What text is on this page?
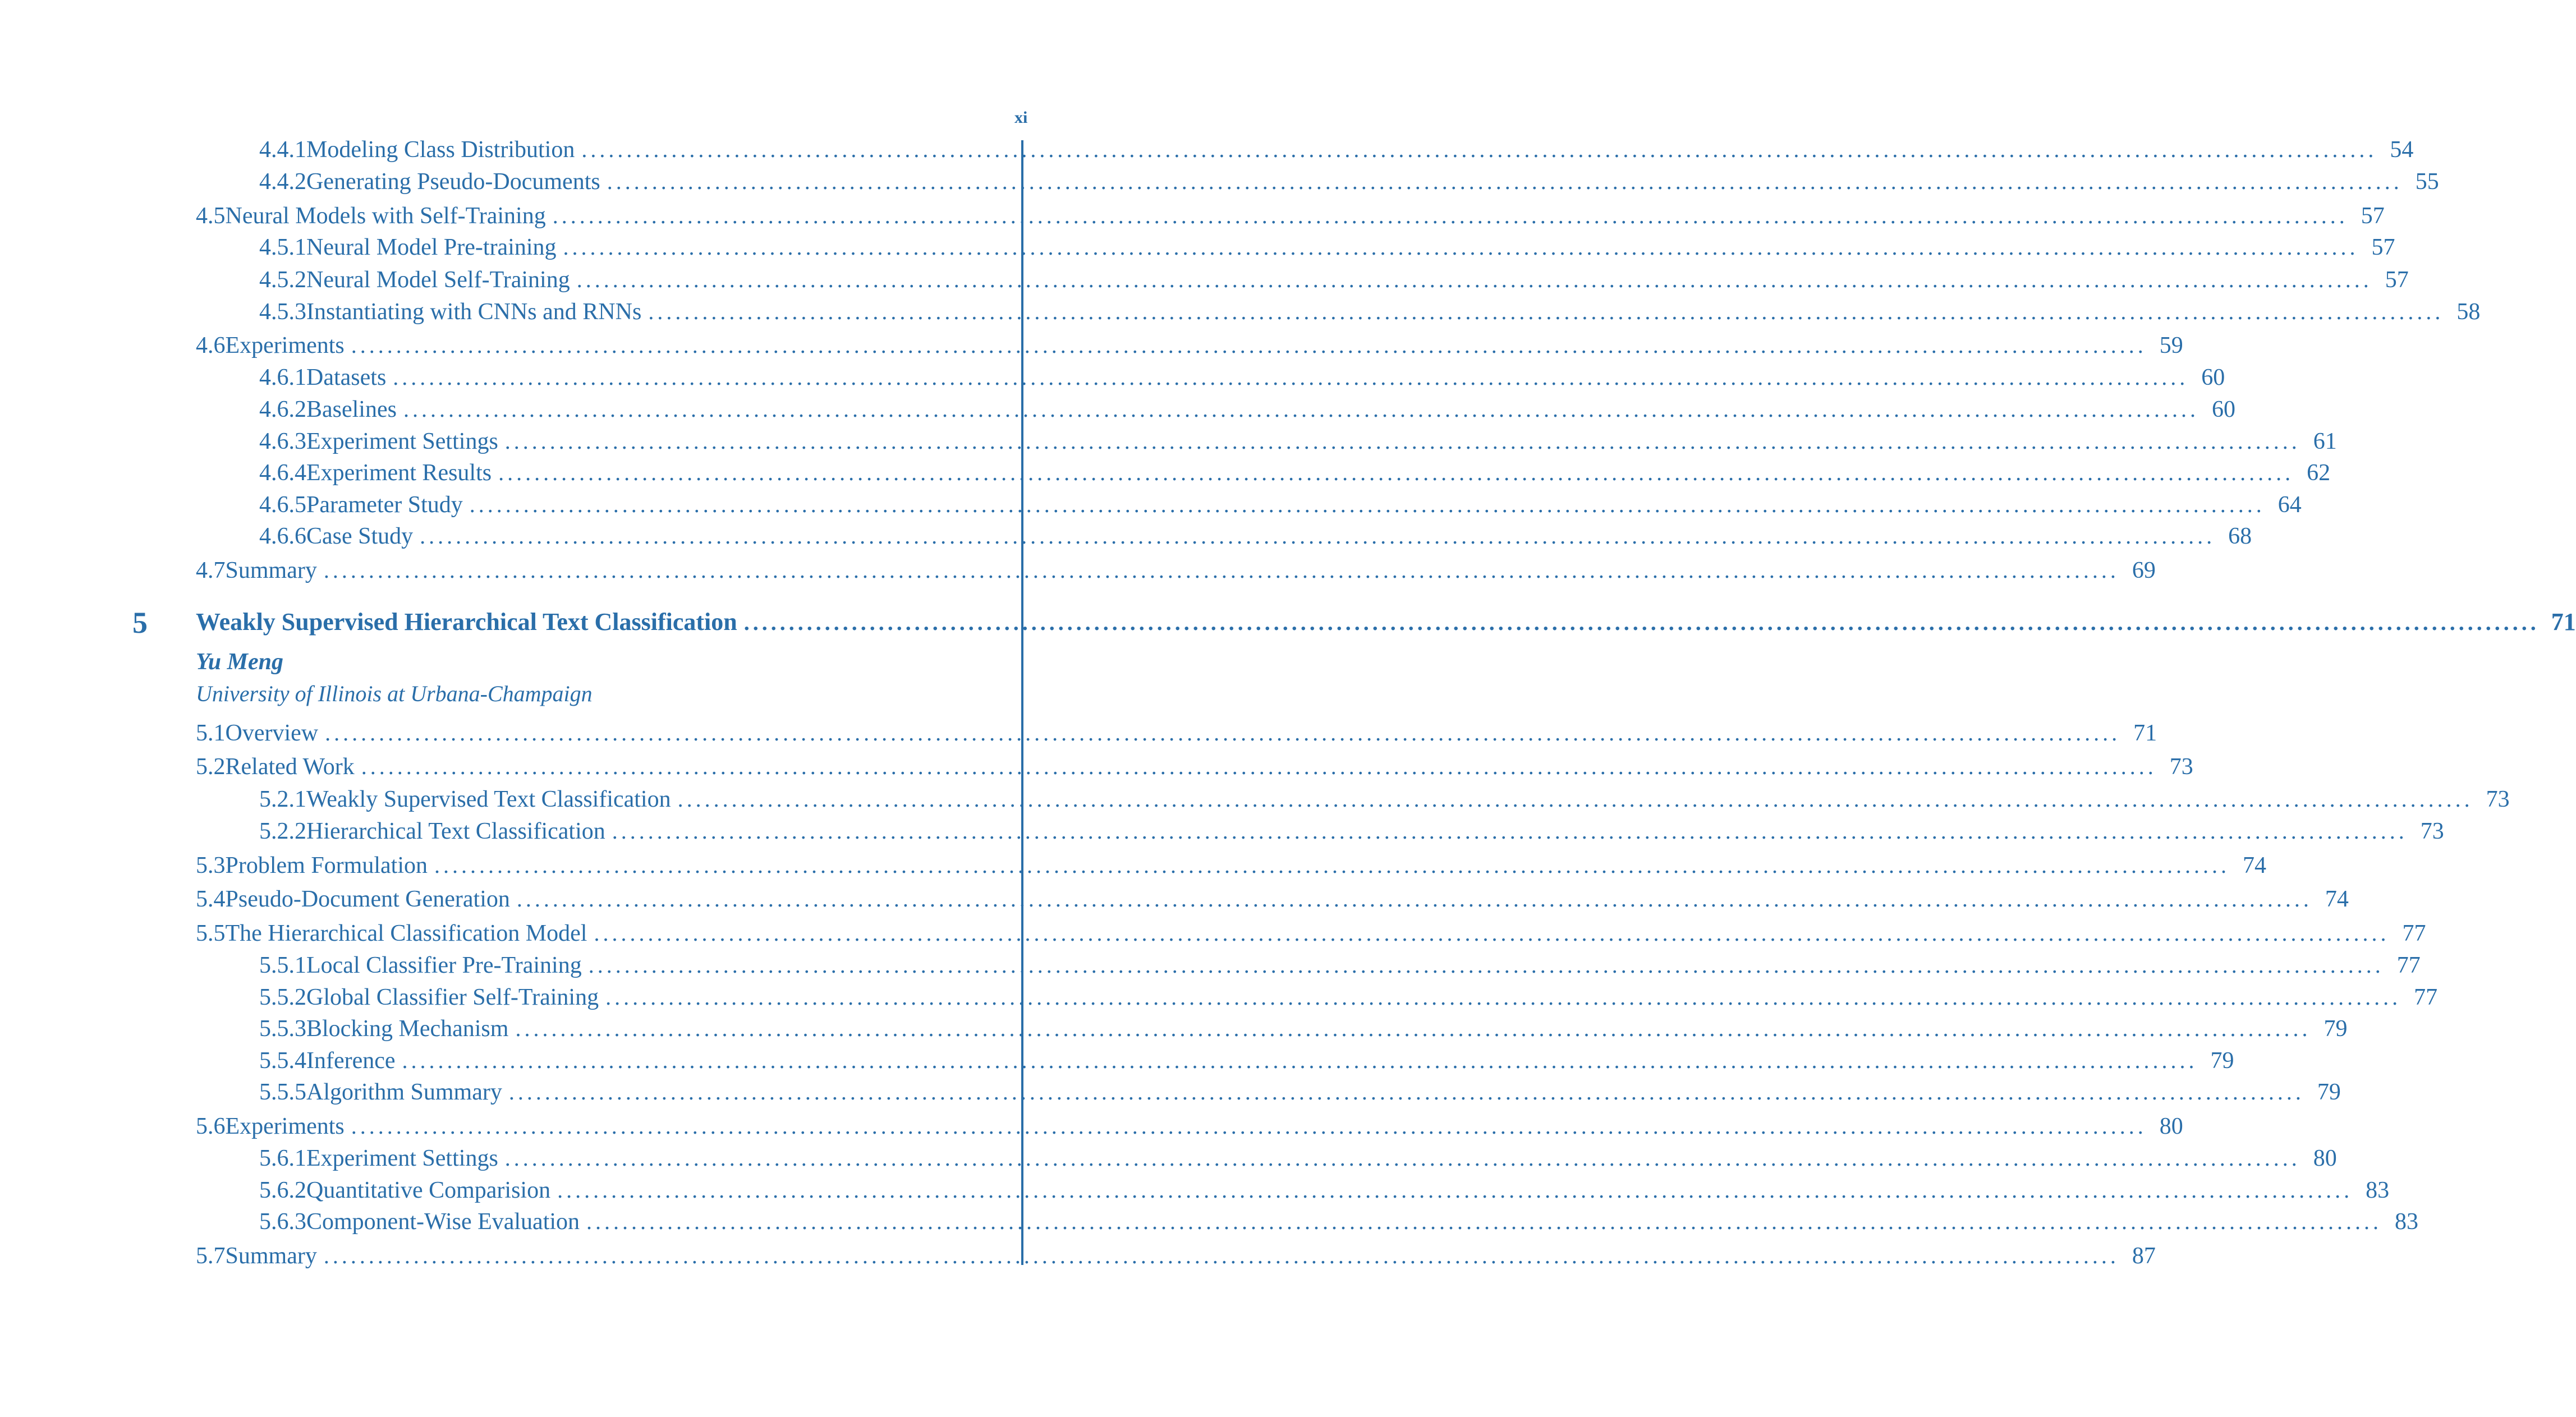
xi
4.4.1 Modeling Class Distribution ........................................................................................................................................................................................................ 54
4.4.2 Generating Pseudo-Documents ........................................................................................................................................................................................................ 55
4.5 Neural Models with Self-Training ........................................................................................................................................................................................................ 57
4.5.1 Neural Model Pre-training ........................................................................................................................................................................................................ 57
4.5.2 Neural Model Self-Training ........................................................................................................................................................................................................ 57
4.5.3 Instantiating with CNNs and RNNs ........................................................................................................................................................................................................ 58
4.6 Experiments ........................................................................................................................................................................................................ 59
4.6.1 Datasets ........................................................................................................................................................................................................ 60
4.6.2 Baselines ........................................................................................................................................................................................................ 60
4.6.3 Experiment Settings ........................................................................................................................................................................................................ 61
4.6.4 Experiment Results ........................................................................................................................................................................................................ 62
4.6.5 Parameter Study ........................................................................................................................................................................................................ 64
4.6.6 Case Study ........................................................................................................................................................................................................ 68
4.7 Summary ........................................................................................................................................................................................................ 69
5 Weakly Supervised Hierarchical Text Classification ........................................................................................................................................................................................................ 71
Yu Meng
University of Illinois at Urbana-Champaign
5.1 Overview ........................................................................................................................................................................................................ 71
5.2 Related Work ........................................................................................................................................................................................................ 73
5.2.1 Weakly Supervised Text Classification ........................................................................................................................................................................................................ 73
5.2.2 Hierarchical Text Classification ........................................................................................................................................................................................................ 73
5.3 Problem Formulation ........................................................................................................................................................................................................ 74
5.4 Pseudo-Document Generation ........................................................................................................................................................................................................ 74
5.5 The Hierarchical Classification Model ........................................................................................................................................................................................................ 77
5.5.1 Local Classifier Pre-Training ........................................................................................................................................................................................................ 77
5.5.2 Global Classifier Self-Training ........................................................................................................................................................................................................ 77
5.5.3 Blocking Mechanism ........................................................................................................................................................................................................ 79
5.5.4 Inference ........................................................................................................................................................................................................ 79
5.5.5 Algorithm Summary ........................................................................................................................................................................................................ 79
5.6 Experiments ........................................................................................................................................................................................................ 80
5.6.1 Experiment Settings ........................................................................................................................................................................................................ 80
5.6.2 Quantitative Comparision ........................................................................................................................................................................................................ 83
5.6.3 Component-Wise Evaluation ........................................................................................................................................................................................................ 83
5.7 Summary ........................................................................................................................................................................................................ 87
